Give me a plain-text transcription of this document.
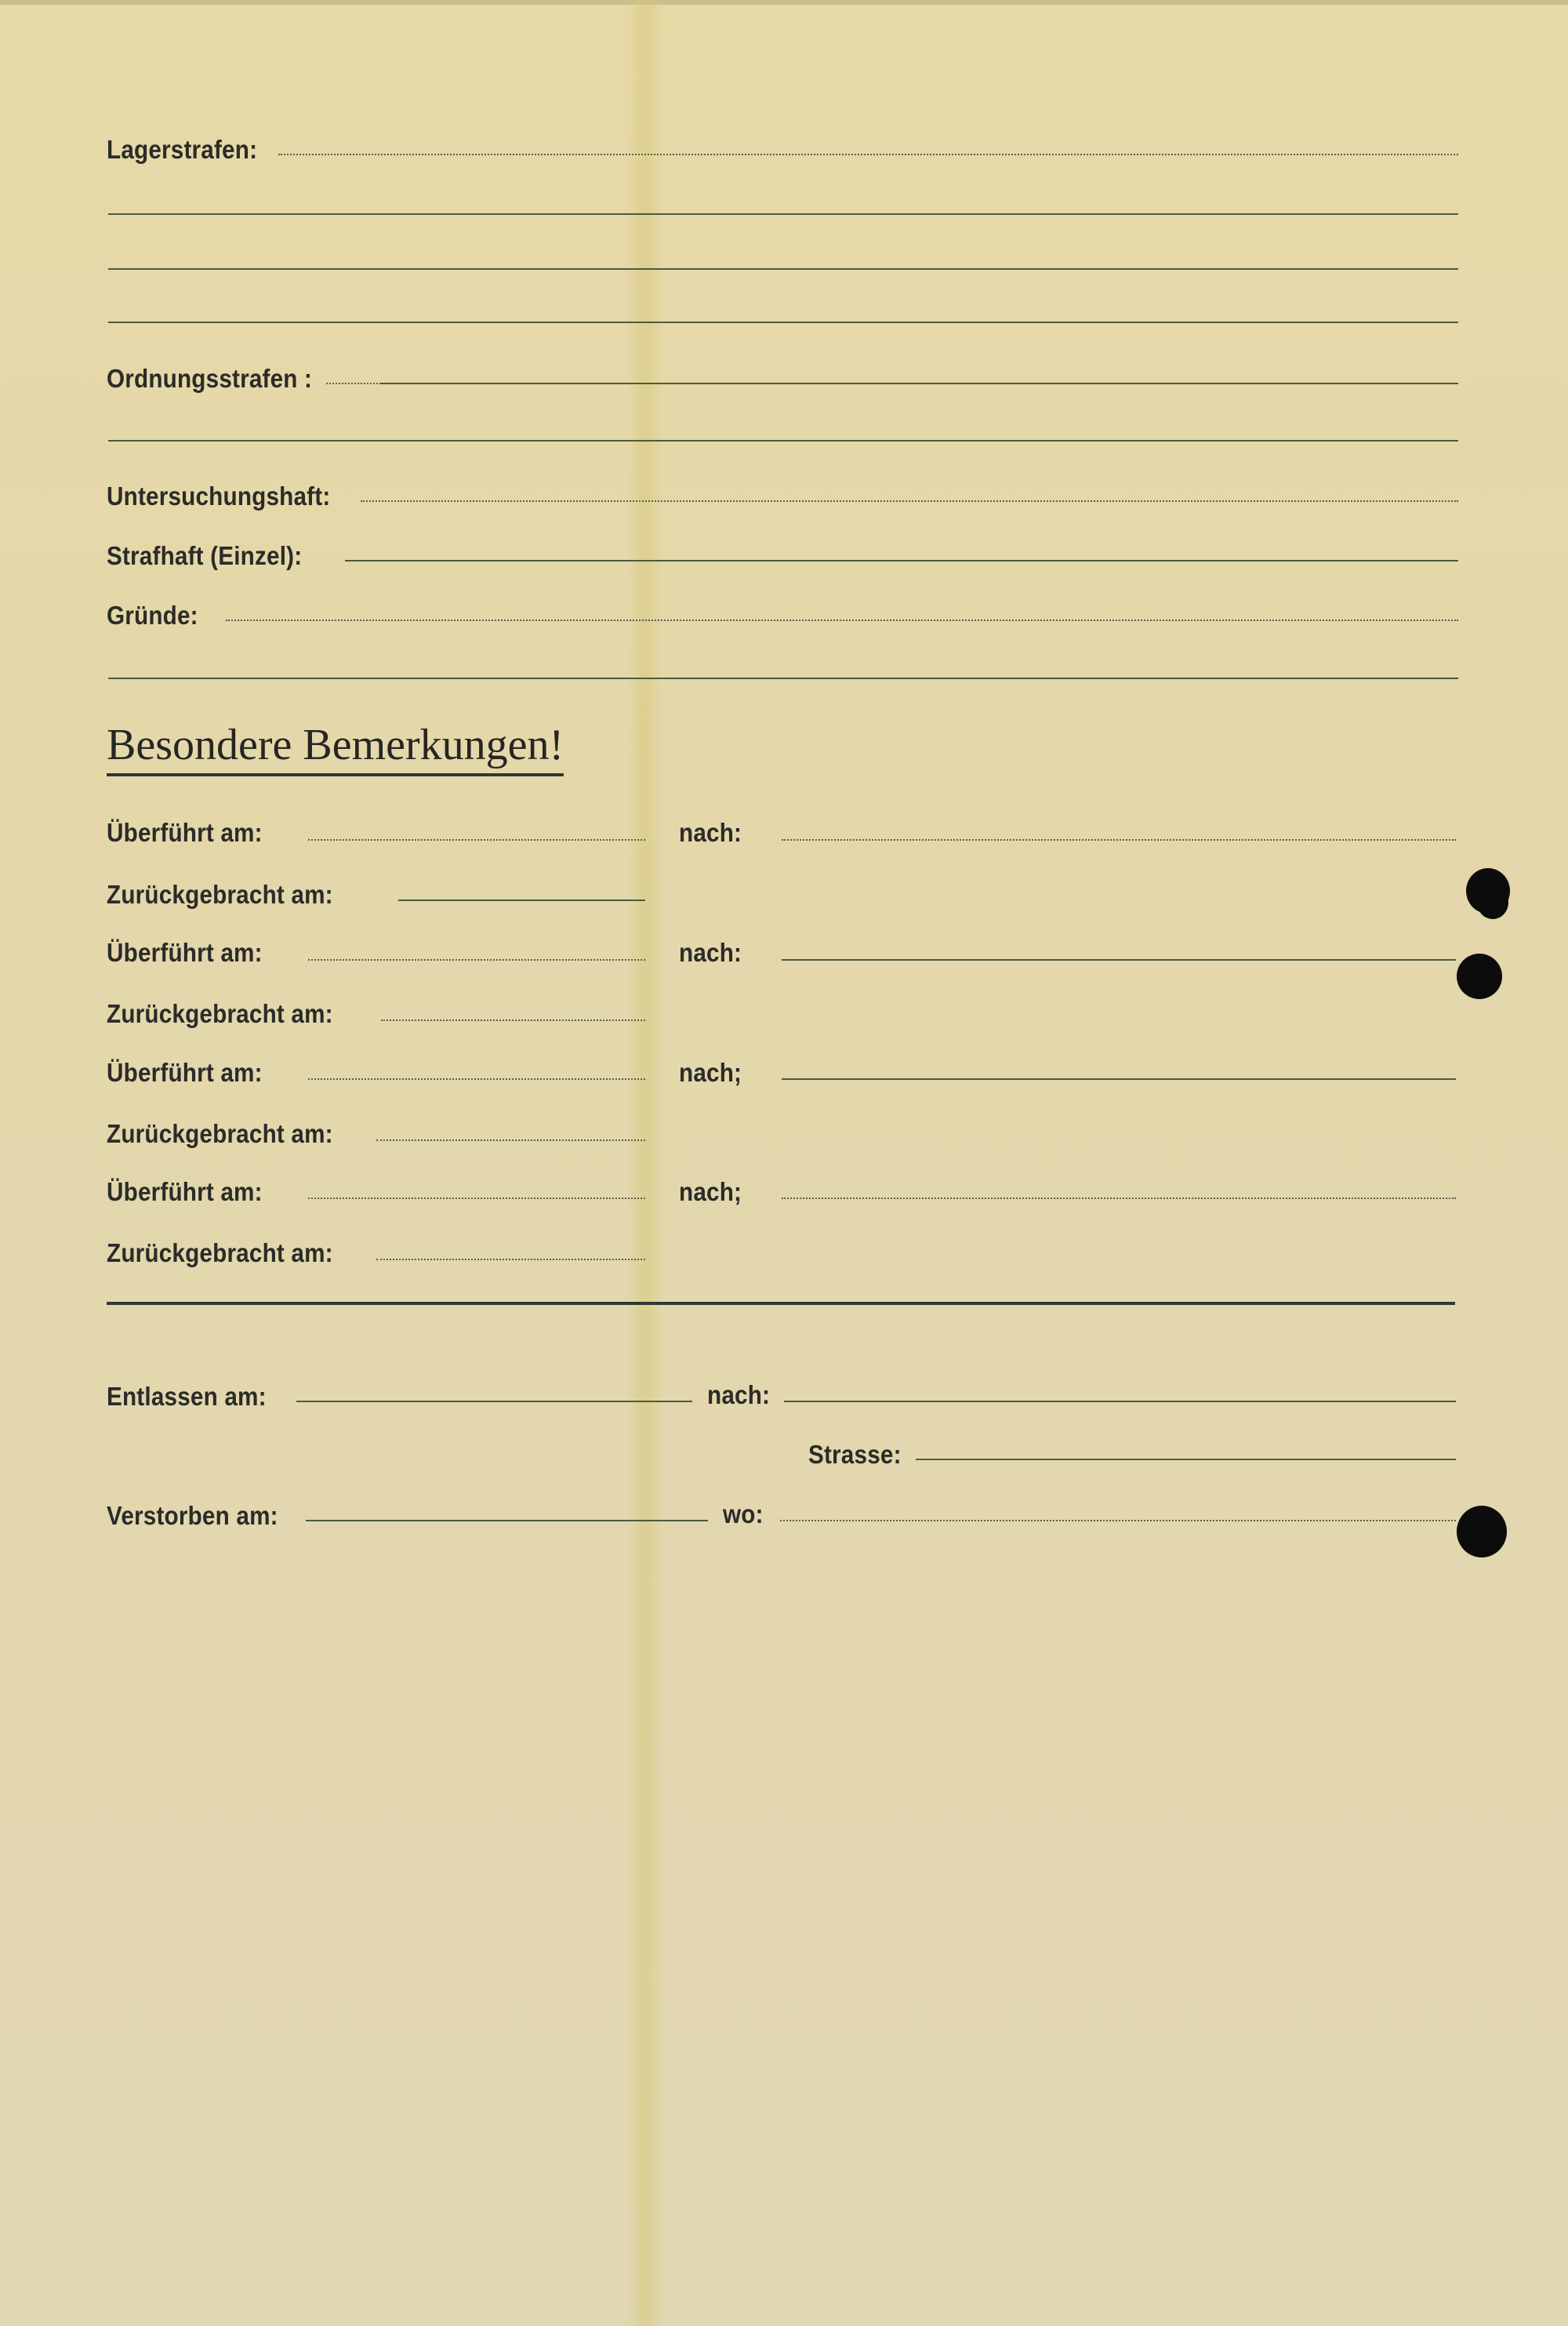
Lagerstrafen:
Ordnungsstrafen :
Untersuchungshaft:
Strafhaft (Einzel):
Gründe:
Besondere Bemerkungen!
Überführt am:	nach:
Zurückgebracht am:
Überführt am:	nach:
Zurückgebracht am:
Überführt am:	nach;
Zurückgebracht am:
Überführt am:	nach;
Zurückgebracht am:
Entlassen am:	nach:
Strasse:
Verstorben am:	wo:
